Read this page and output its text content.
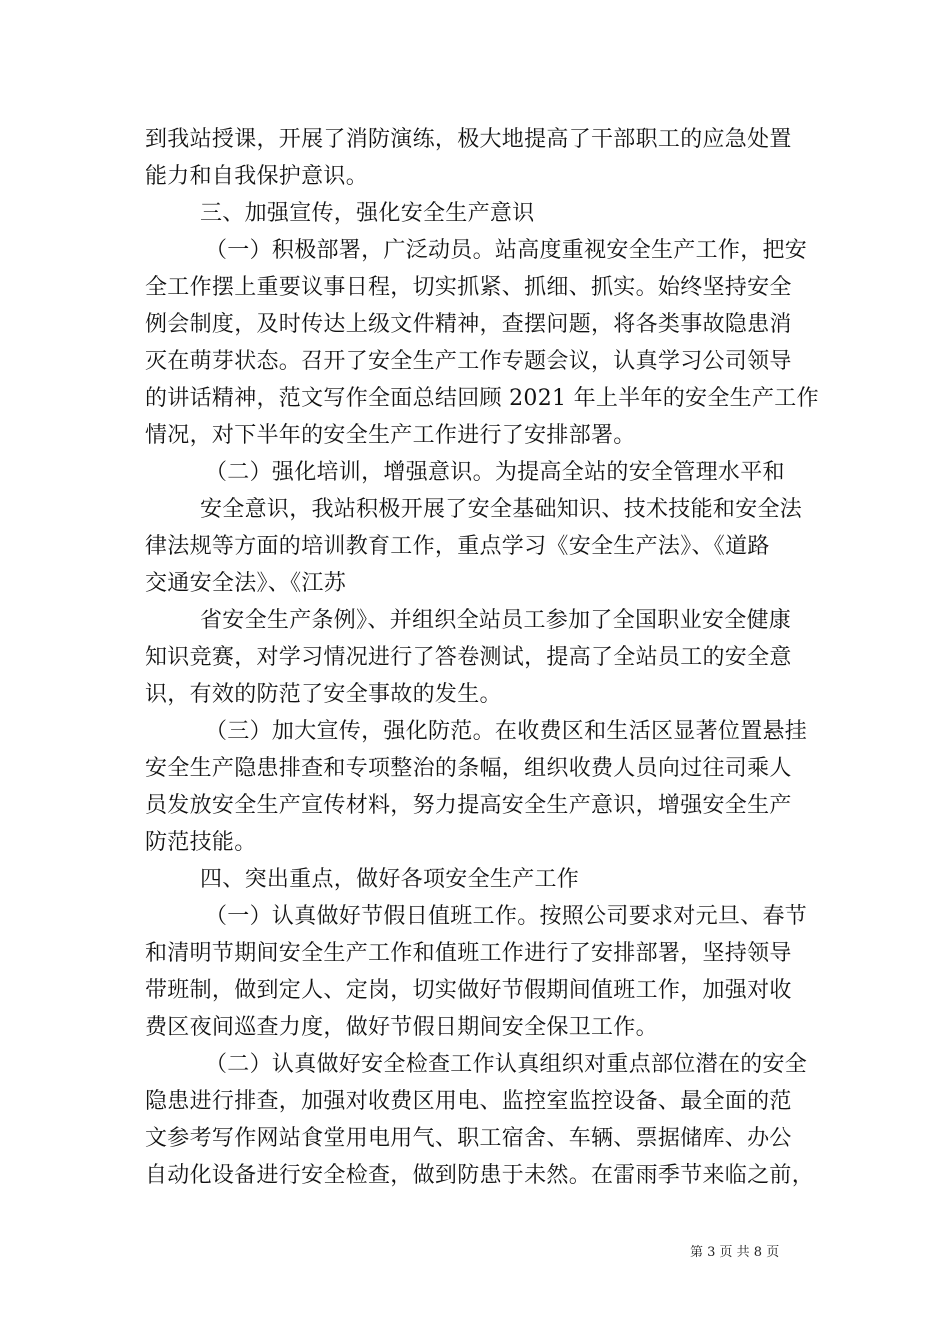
到我站授课，开展了消防演练，极大地提高了干部职工的应急处置
能力和自我保护意识。
三、加强宣传，强化安全生产意识
（一）积极部署，广泛动员。站高度重视安全生产工作，把安
全工作摆上重要议事日程，切实抓紧、抓细、抓实。始终坚持安全
例会制度，及时传达上级文件精神，查摆问题，将各类事故隐患消
灭在萌芽状态。召开了安全生产工作专题会议，认真学习公司领导
的讲话精神，范文写作全面总结回顾 2021 年上半年的安全生产工作
情况，对下半年的安全生产工作进行了安排部署。
（二）强化培训，增强意识。为提高全站的安全管理水平和
安全意识，我站积极开展了安全基础知识、技术技能和安全法
律法规等方面的培训教育工作，重点学习《安全生产法》、《道路
交通安全法》、《江苏
省安全生产条例》、并组织全站员工参加了全国职业安全健康
知识竞赛，对学习情况进行了答卷测试，提高了全站员工的安全意
识，有效的防范了安全事故的发生。
（三）加大宣传，强化防范。在收费区和生活区显著位置悬挂
安全生产隐患排查和专项整治的条幅，组织收费人员向过往司乘人
员发放安全生产宣传材料，努力提高安全生产意识，增强安全生产
防范技能。
四、突出重点，做好各项安全生产工作
（一）认真做好节假日值班工作。按照公司要求对元旦、春节
和清明节期间安全生产工作和值班工作进行了安排部署，坚持领导
带班制，做到定人、定岗，切实做好节假期间值班工作，加强对收
费区夜间巡查力度，做好节假日期间安全保卫工作。
（二）认真做好安全检查工作认真组织对重点部位潜在的安全
隐患进行排查，加强对收费区用电、监控室监控设备、最全面的范
文参考写作网站食堂用电用气、职工宿舍、车辆、票据储库、办公
自动化设备进行安全检查，做到防患于未然。在雷雨季节来临之前，
第 3 页 共 8 页
